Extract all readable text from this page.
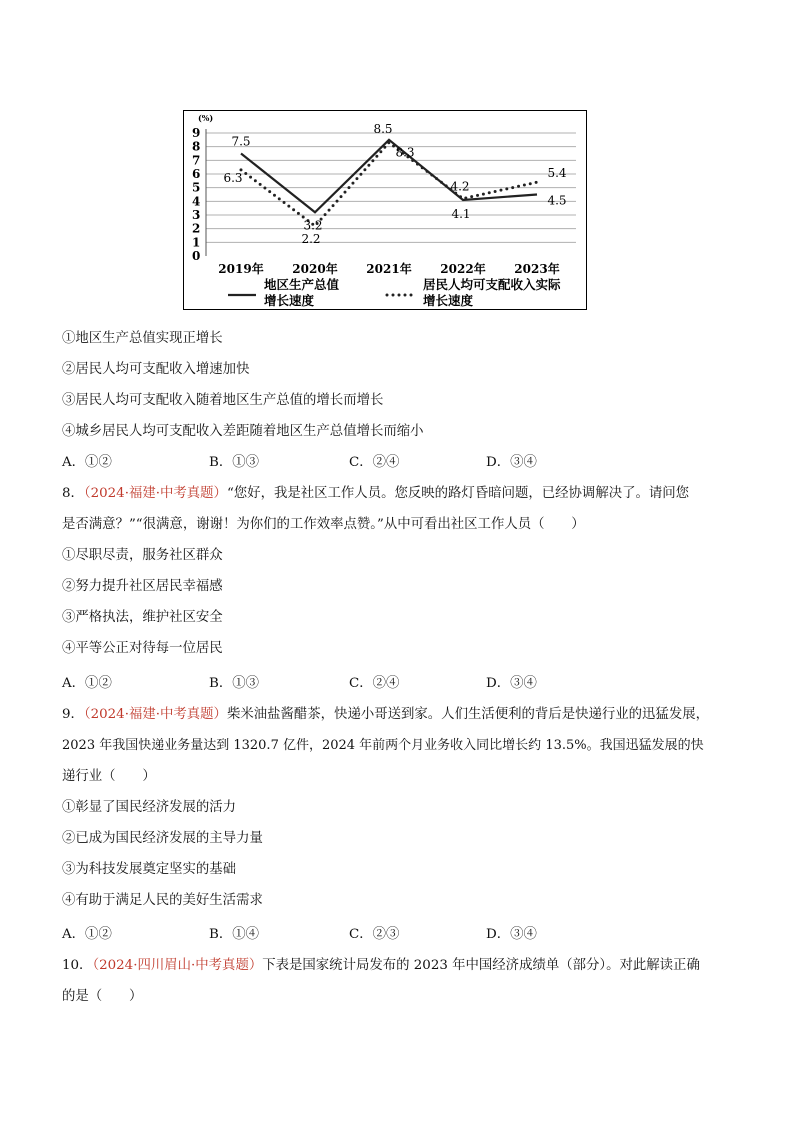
0
1
2
3
4
5
6
7
8
9
2019年 2020年 2021年 2022年 2023年
7.5
3.2
8.5
4.1
4.5
6.3
2.2
8.3
4.2
5.4
(%)
地区生产总值
增长速度
居民人均可支配收入实际
增长速度
①地区生产总值实现正增长
②居民人均可支配收入增速加快
③居民人均可支配收入随着地区生产总值的增长而增长
④城乡居民人均可支配收入差距随着地区生产总值增长而缩小
A．①②	B．①③	C．②④	D．③④
8．（2024·福建·中考真题）“您好，我是社区工作人员。您反映的路灯昏暗问题，已经协调解决了。请问您
是否满意？”“很满意，谢谢！为你们的工作效率点赞。”从中可看出社区工作人员（　　）
①尽职尽责，服务社区群众
②努力提升社区居民幸福感
③严格执法，维护社区安全
④平等公正对待每一位居民
A．①②	B．①③	C．②④	D．③④
9．（2024·福建·中考真题）柴米油盐酱醋茶，快递小哥送到家。人们生活便利的背后是快递行业的迅猛发展，
2023 年我国快递业务量达到 1320.7 亿件，2024 年前两个月业务收入同比增长约 13.5%。我国迅猛发展的快
递行业（　　）
①彰显了国民经济发展的活力
②已成为国民经济发展的主导力量
③为科技发展奠定坚实的基础
④有助于满足人民的美好生活需求
A．①②	B．①④	C．②③	D．③④
10．（2024·四川眉山·中考真题）下表是国家统计局发布的 2023 年中国经济成绩单（部分）。对此解读正确
的是（　　）
